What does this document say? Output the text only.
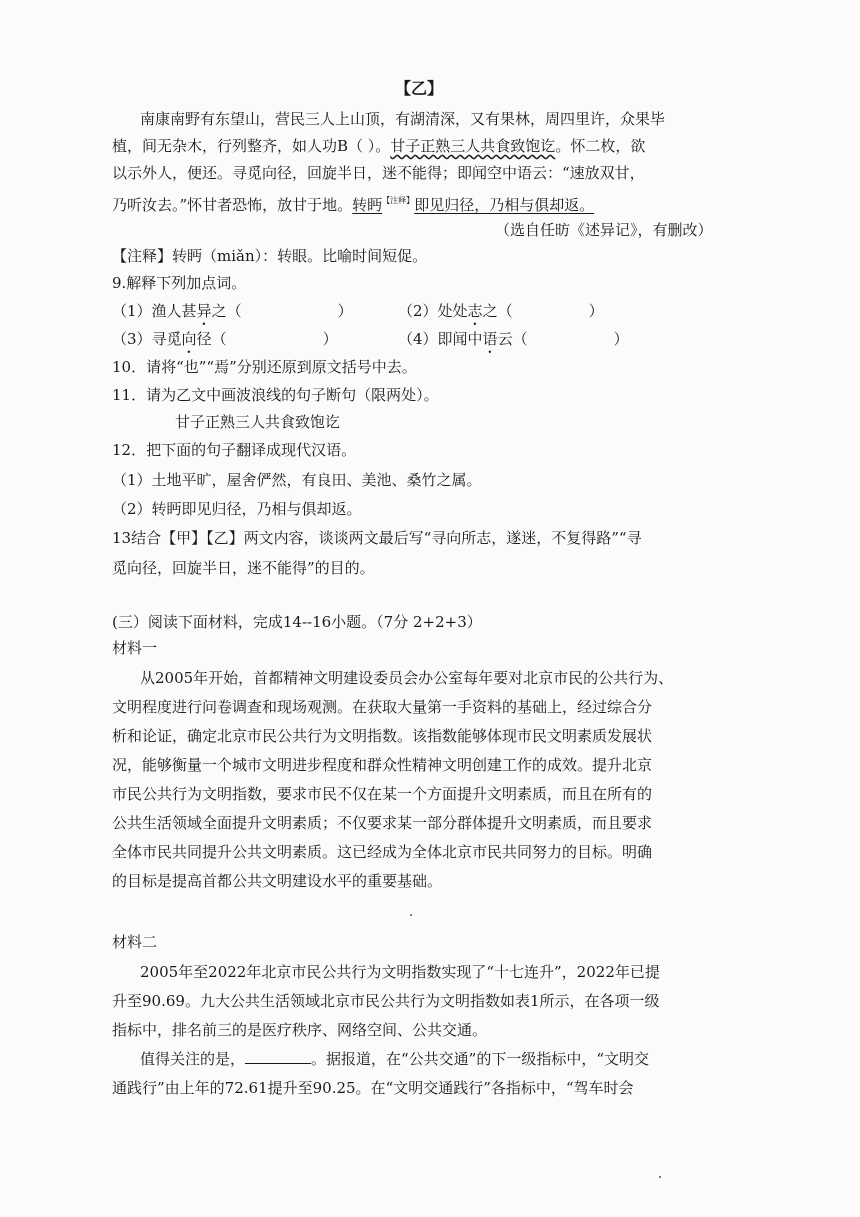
【乙】
南康南野有东望山，营民三人上山顶，有湖清深，又有果林，周四里许，众果毕
植，间无杂木，行列整齐，如人功B（ ）。甘子正熟三人共食致饱讫。怀二枚，欲
以示外人，便还。寻觅向径，回旋半日，迷不能得；即闻空中语云：“速放双甘，
乃听汝去。”怀甘者恐怖，放甘于地。转眄$^{【注释】}$即见归径，乃相与俱却返。
（选自任昉《述异记》，有删改）
【注释】转眄（miǎn）：转眼。比喻时间短促。
9.解释下列加点词。
（1）渔人甚异之（	）	（2）处处志之（	）
（3）寻觅向径（	）	（4）即闻中语云（	）
10．请将“也”“焉”分别还原到原文括号中去。
11．请为乙文中画波浪线的句子断句（限两处）。
甘子正熟三人共食致饱讫
12．把下面的句子翻译成现代汉语。
（1）土地平旷，屋舍俨然，有良田、美池、桑竹之属。
（2）转眄即见归径，乃相与俱却返。
13结合【甲】【乙】两文内容，谈谈两文最后写“寻向所志，遂迷，不复得路”“寻
觅向径，回旋半日，迷不能得”的目的。
(三）阅读下面材料，完成14--16小题。（7分 2+2+3）
材料一
从2005年开始，首都精神文明建设委员会办公室每年要对北京市民的公共行为、
文明程度进行问卷调查和现场观测。在获取大量第一手资料的基础上，经过综合分
析和论证，确定北京市民公共行为文明指数。该指数能够体现市民文明素质发展状
况，能够衡量一个城市文明进步程度和群众性精神文明创建工作的成效。提升北京
市民公共行为文明指数，要求市民不仅在某一个方面提升文明素质，而且在所有的
公共生活领域全面提升文明素质；不仅要求某一部分群体提升文明素质，而且要求
全体市民共同提升公共文明素质。这已经成为全体北京市民共同努力的目标。明确
的目标是提高首都公共文明建设水平的重要基础。
材料二
2005年至2022年北京市民公共行为文明指数实现了“十七连升”，2022年已提
升至90.69。九大公共生活领域北京市民公共行为文明指数如表1所示，在各项一级
指标中，排名前三的是医疗秩序、网络空间、公共交通。
值得关注的是，	。据报道，在“公共交通”的下一级指标中，“文明交
通践行”由上年的72.61提升至90.25。在“文明交通践行”各指标中，“驾车时会
